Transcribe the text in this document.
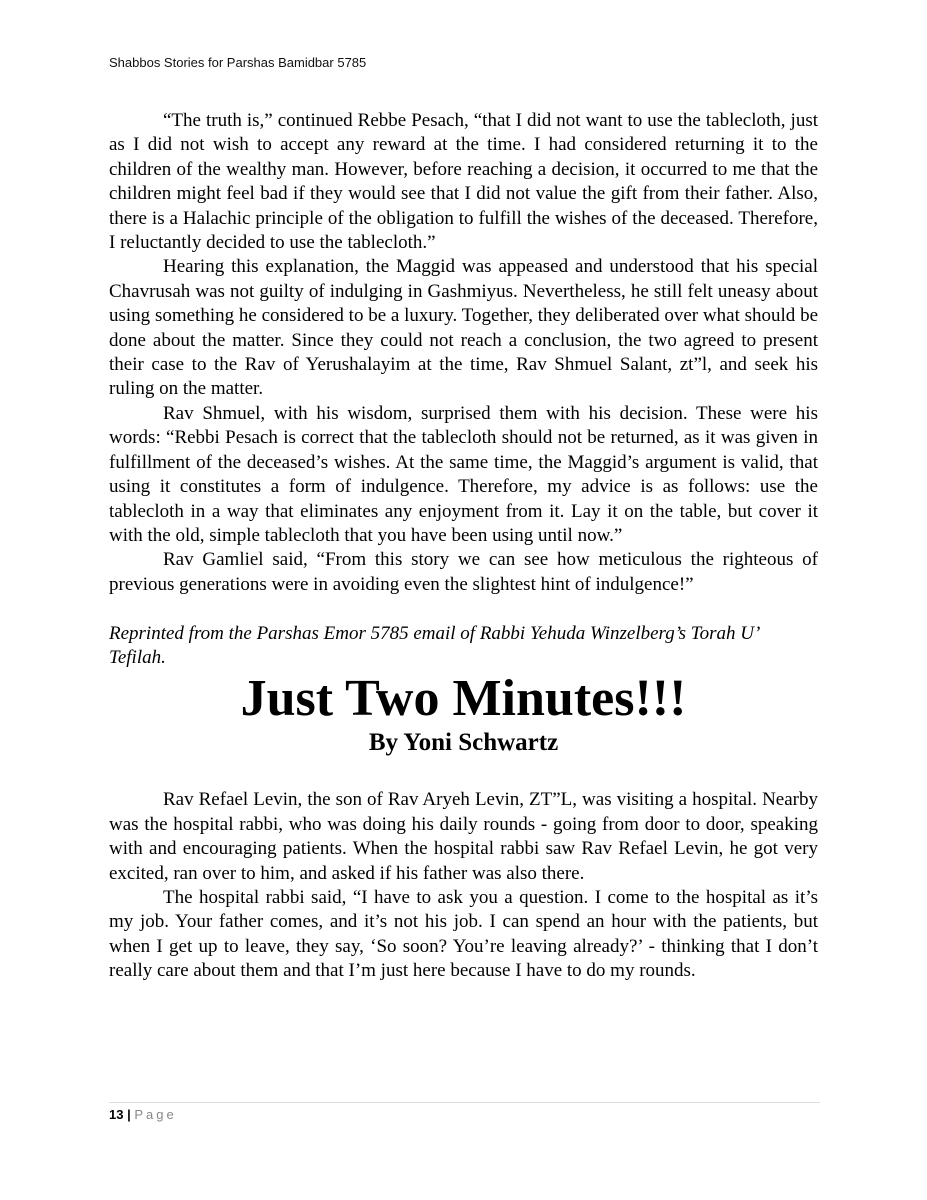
Shabbos Stories for Parshas Bamidbar 5785

“The truth is,” continued Rebbe Pesach, “that I did not want to use the tablecloth, just as I did not wish to accept any reward at the time. I had considered returning it to the children of the wealthy man. However, before reaching a decision, it occurred to me that the children might feel bad if they would see that I did not value the gift from their father. Also, there is a Halachic principle of the obligation to fulfill the wishes of the deceased. Therefore, I reluctantly decided to use the tablecloth.”

Hearing this explanation, the Maggid was appeased and understood that his special Chavrusah was not guilty of indulging in Gashmiyus. Nevertheless, he still felt uneasy about using something he considered to be a luxury. Together, they deliberated over what should be done about the matter. Since they could not reach a conclusion, the two agreed to present their case to the Rav of Yerushalayim at the time, Rav Shmuel Salant, zt”l, and seek his ruling on the matter.

Rav Shmuel, with his wisdom, surprised them with his decision. These were his words: “Rebbi Pesach is correct that the tablecloth should not be returned, as it was given in fulfillment of the deceased’s wishes. At the same time, the Maggid’s argument is valid, that using it constitutes a form of indulgence. Therefore, my advice is as follows: use the tablecloth in a way that eliminates any enjoyment from it. Lay it on the table, but cover it with the old, simple tablecloth that you have been using until now.”

Rav Gamliel said, “From this story we can see how meticulous the righteous of previous generations were in avoiding even the slightest hint of indulgence!”

Reprinted from the Parshas Emor 5785 email of Rabbi Yehuda Winzelberg’s Torah U’ Tefilah.

Just Two Minutes!!!
By Yoni Schwartz

Rav Refael Levin, the son of Rav Aryeh Levin, ZT”L, was visiting a hospital. Nearby was the hospital rabbi, who was doing his daily rounds - going from door to door, speaking with and encouraging patients. When the hospital rabbi saw Rav Refael Levin, he got very excited, ran over to him, and asked if his father was also there.

The hospital rabbi said, “I have to ask you a question. I come to the hospital as it’s my job. Your father comes, and it’s not his job. I can spend an hour with the patients, but when I get up to leave, they say, ‘So soon? You’re leaving already?’ - thinking that I don’t really care about them and that I’m just here because I have to do my rounds.

13 | Page
